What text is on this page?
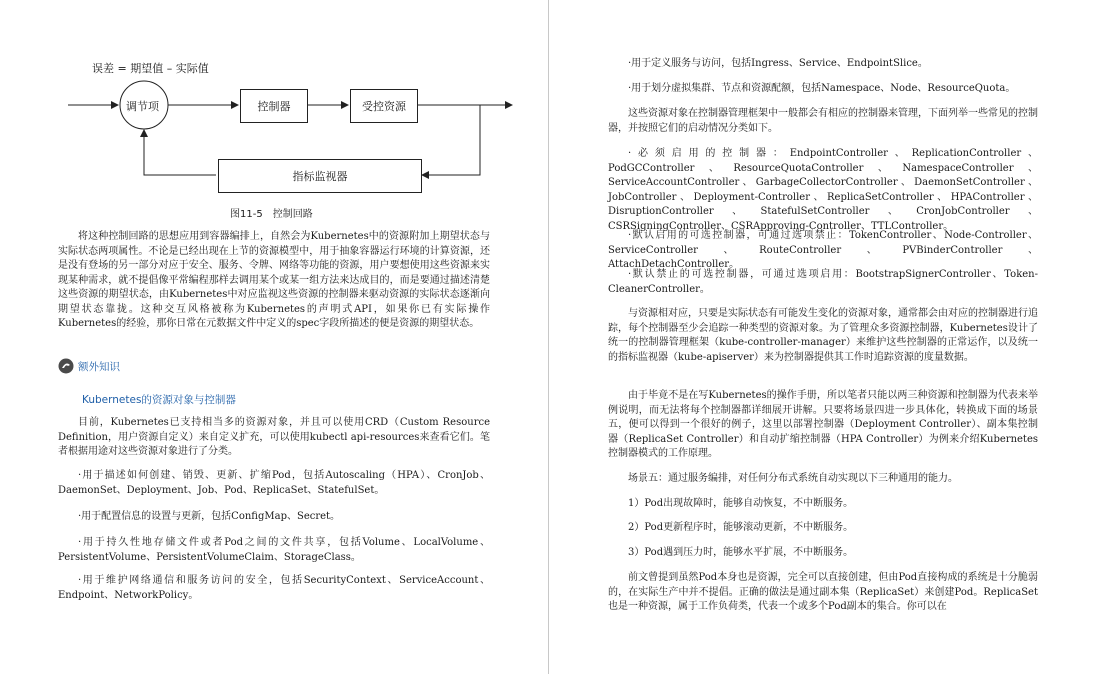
误差 = 期望值 – 实际值
调节项	控制器	受控资源
指标监视器
图11-5　控制回路

将这种控制回路的思想应用到容器编排上，自然会为Kubernetes中的资源附加上期望状态与实际状态两项属性。不论是已经出现在上节的资源模型中，用于抽象容器运行环境的计算资源，还是没有登场的另一部分对应于安全、服务、令牌、网络等功能的资源，用户要想使用这些资源来实现某种需求，就不提倡像平常编程那样去调用某个或某一组方法来达成目的，而是要通过描述清楚这些资源的期望状态，由Kubernetes中对应监视这些资源的控制器来驱动资源的实际状态逐渐向期望状态靠拢。这种交互风格被称为Kubernetes的声明式API，如果你已有实际操作Kubernetes的经验，那你日常在元数据文件中定义的spec字段所描述的便是资源的期望状态。

额外知识
Kubernetes的资源对象与控制器

目前，Kubernetes已支持相当多的资源对象，并且可以使用CRD（Custom Resource Definition，用户资源自定义）来自定义扩充，可以使用kubectl api-resources来查看它们。笔者根据用途对这些资源对象进行了分类。

·用于描述如何创建、销毁、更新、扩缩Pod，包括Autoscaling（HPA）、CronJob、DaemonSet、Deployment、Job、Pod、ReplicaSet、StatefulSet。

·用于配置信息的设置与更新，包括ConfigMap、Secret。

·用于持久性地存储文件或者Pod之间的文件共享，包括Volume、LocalVolume、PersistentVolume、PersistentVolumeClaim、StorageClass。

·用于维护网络通信和服务访问的安全，包括SecurityContext、ServiceAccount、Endpoint、NetworkPolicy。

·用于定义服务与访问，包括Ingress、Service、EndpointSlice。

·用于划分虚拟集群、节点和资源配额，包括Namespace、Node、ResourceQuota。

这些资源对象在控制器管理框架中一般都会有相应的控制器来管理，下面列举一些常见的控制器，并按照它们的启动情况分类如下。

·必须启用的控制器：EndpointController、ReplicationController、PodGCController、ResourceQuotaController、NamespaceController、ServiceAccountController、GarbageCollectorController、DaemonSetController、JobController、Deployment-Controller、ReplicaSetController、HPAController、DisruptionController、StatefulSetController、CronJobController、CSRSigningController、CSRApproving-Controller、TTLController。

·默认启用的可选控制器，可通过选项禁止：TokenController、Node-Controller、ServiceController、RouteController、PVBinderController、AttachDetachController。

·默认禁止的可选控制器，可通过选项启用：BootstrapSignerController、Token-CleanerController。

与资源相对应，只要是实际状态有可能发生变化的资源对象，通常都会由对应的控制器进行追踪，每个控制器至少会追踪一种类型的资源对象。为了管理众多资源控制器，Kubernetes设计了统一的控制器管理框架（kube-controller-manager）来维护这些控制器的正常运作，以及统一的指标监视器（kube-apiserver）来为控制器提供其工作时追踪资源的度量数据。

由于毕竟不是在写Kubernetes的操作手册，所以笔者只能以两三种资源和控制器为代表来举例说明，而无法将每个控制器都详细展开讲解。只要将场景四进一步具体化，转换成下面的场景五，便可以得到一个很好的例子，这里以部署控制器（Deployment Controller）、副本集控制器（ReplicaSet Controller）和自动扩缩控制器（HPA Controller）为例来介绍Kubernetes控制器模式的工作原理。

场景五：通过服务编排，对任何分布式系统自动实现以下三种通用的能力。

1）Pod出现故障时，能够自动恢复，不中断服务。

2）Pod更新程序时，能够滚动更新，不中断服务。

3）Pod遇到压力时，能够水平扩展，不中断服务。

前文曾提到虽然Pod本身也是资源，完全可以直接创建，但由Pod直接构成的系统是十分脆弱的，在实际生产中并不提倡。正确的做法是通过副本集（ReplicaSet）来创建Pod。ReplicaSet也是一种资源，属于工作负荷类，代表一个或多个Pod副本的集合。你可以在
